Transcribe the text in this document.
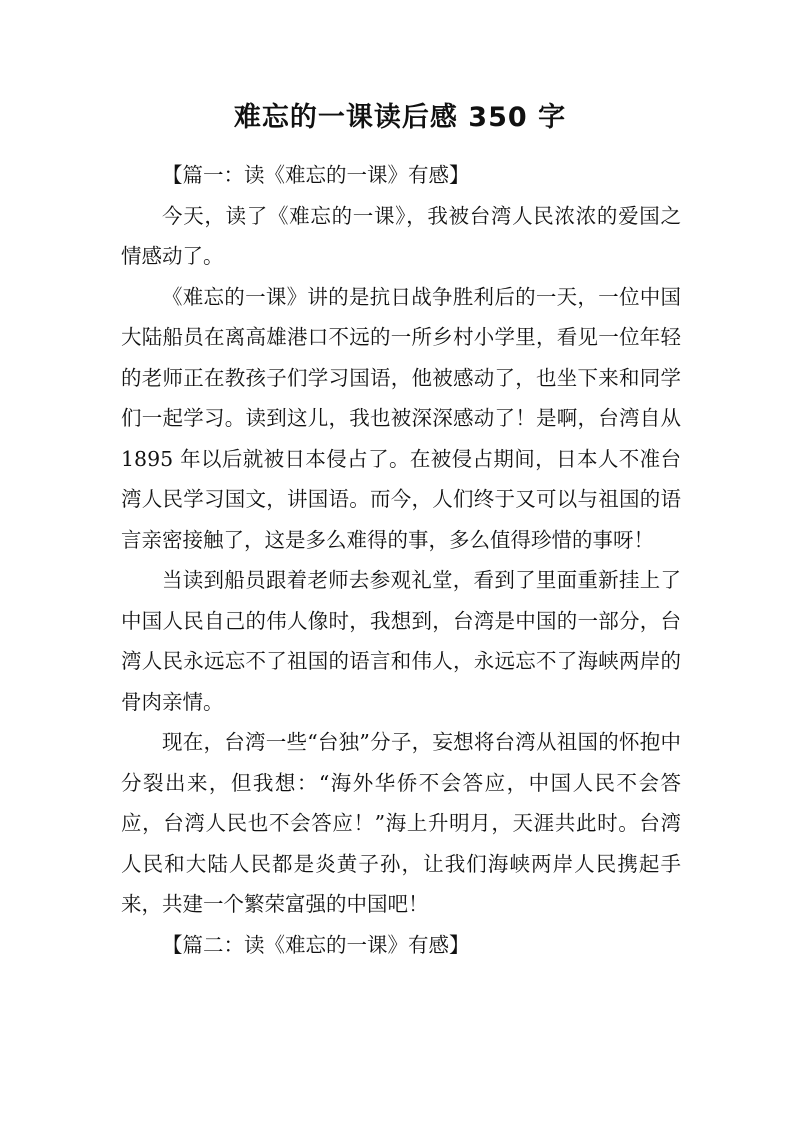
难忘的一课读后感 350 字

【篇一：读《难忘的一课》有感】

今天，读了《难忘的一课》，我被台湾人民浓浓的爱国之情感动了。

《难忘的一课》讲的是抗日战争胜利后的一天，一位中国大陆船员在离高雄港口不远的一所乡村小学里，看见一位年轻的老师正在教孩子们学习国语，他被感动了，也坐下来和同学们一起学习。读到这儿，我也被深深感动了！是啊，台湾自从 1895 年以后就被日本侵占了。在被侵占期间，日本人不准台湾人民学习国文，讲国语。而今，人们终于又可以与祖国的语言亲密接触了，这是多么难得的事，多么值得珍惜的事呀！

当读到船员跟着老师去参观礼堂，看到了里面重新挂上了中国人民自己的伟人像时，我想到，台湾是中国的一部分，台湾人民永远忘不了祖国的语言和伟人，永远忘不了海峡两岸的骨肉亲情。

现在，台湾一些“台独”分子，妄想将台湾从祖国的怀抱中分裂出来，但我想：“海外华侨不会答应，中国人民不会答应，台湾人民也不会答应！”海上升明月，天涯共此时。台湾人民和大陆人民都是炎黄子孙，让我们海峡两岸人民携起手来，共建一个繁荣富强的中国吧！

【篇二：读《难忘的一课》有感】
